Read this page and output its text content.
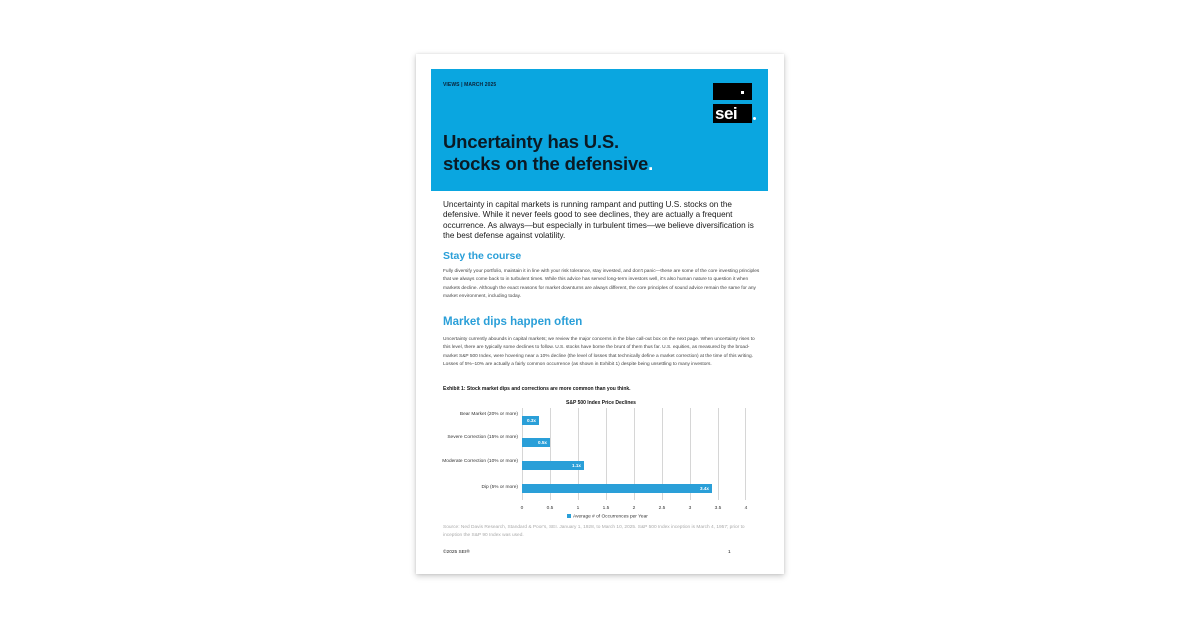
VIEWS | MARCH 2025
sei
Uncertainty has U.S.
stocks on the defensive.
Uncertainty in capital markets is running rampant and putting U.S. stocks on the defensive. While it never feels good to see declines, they are actually a frequent occurrence. As always—but especially in turbulent times—we believe diversification is the best defense against volatility.
Stay the course
Fully diversify your portfolio, maintain it in line with your risk tolerance, stay invested, and don't panic—these are some of the core investing principles that we always come back to in turbulent times. While this advice has served long-term investors well, it's also human nature to question it when markets decline. Although the exact reasons for market downturns are always different, the core principles of sound advice remain the same for any market environment, including today.
Market dips happen often
Uncertainty currently abounds in capital markets; we review the major concerns in the blue call-out box on the next page. When uncertainty rises to this level, there are typically some declines to follow. U.S. stocks have borne the brunt of them thus far. U.S. equities, as measured by the broad-market S&P 500 Index, were hovering near a 10% decline (the level of losses that technically define a market correction) at the time of this writing. Losses of 5%–10% are actually a fairly common occurrence (as shown in Exhibit 1) despite being unsettling to many investors.
Exhibit 1: Stock market dips and corrections are more common than you think.
S&P 500 Index Price Declines
Bear Market (20% or more)
Severe Correction (15% or more)
Moderate Correction (10% or more)
Dip (5% or more)
0.3x
0.5x
1.1x
3.4x
0	0.5	1	1.5	2	2.5	3	3.5	4
Average # of Occurrences per Year
Source: Ned Davis Research, Standard & Poor's, SEI. January 1, 1928, to March 10, 2025. S&P 500 Index inception is March 4, 1957; prior to inception the S&P 90 Index was used.
©2025 SEI®	1
